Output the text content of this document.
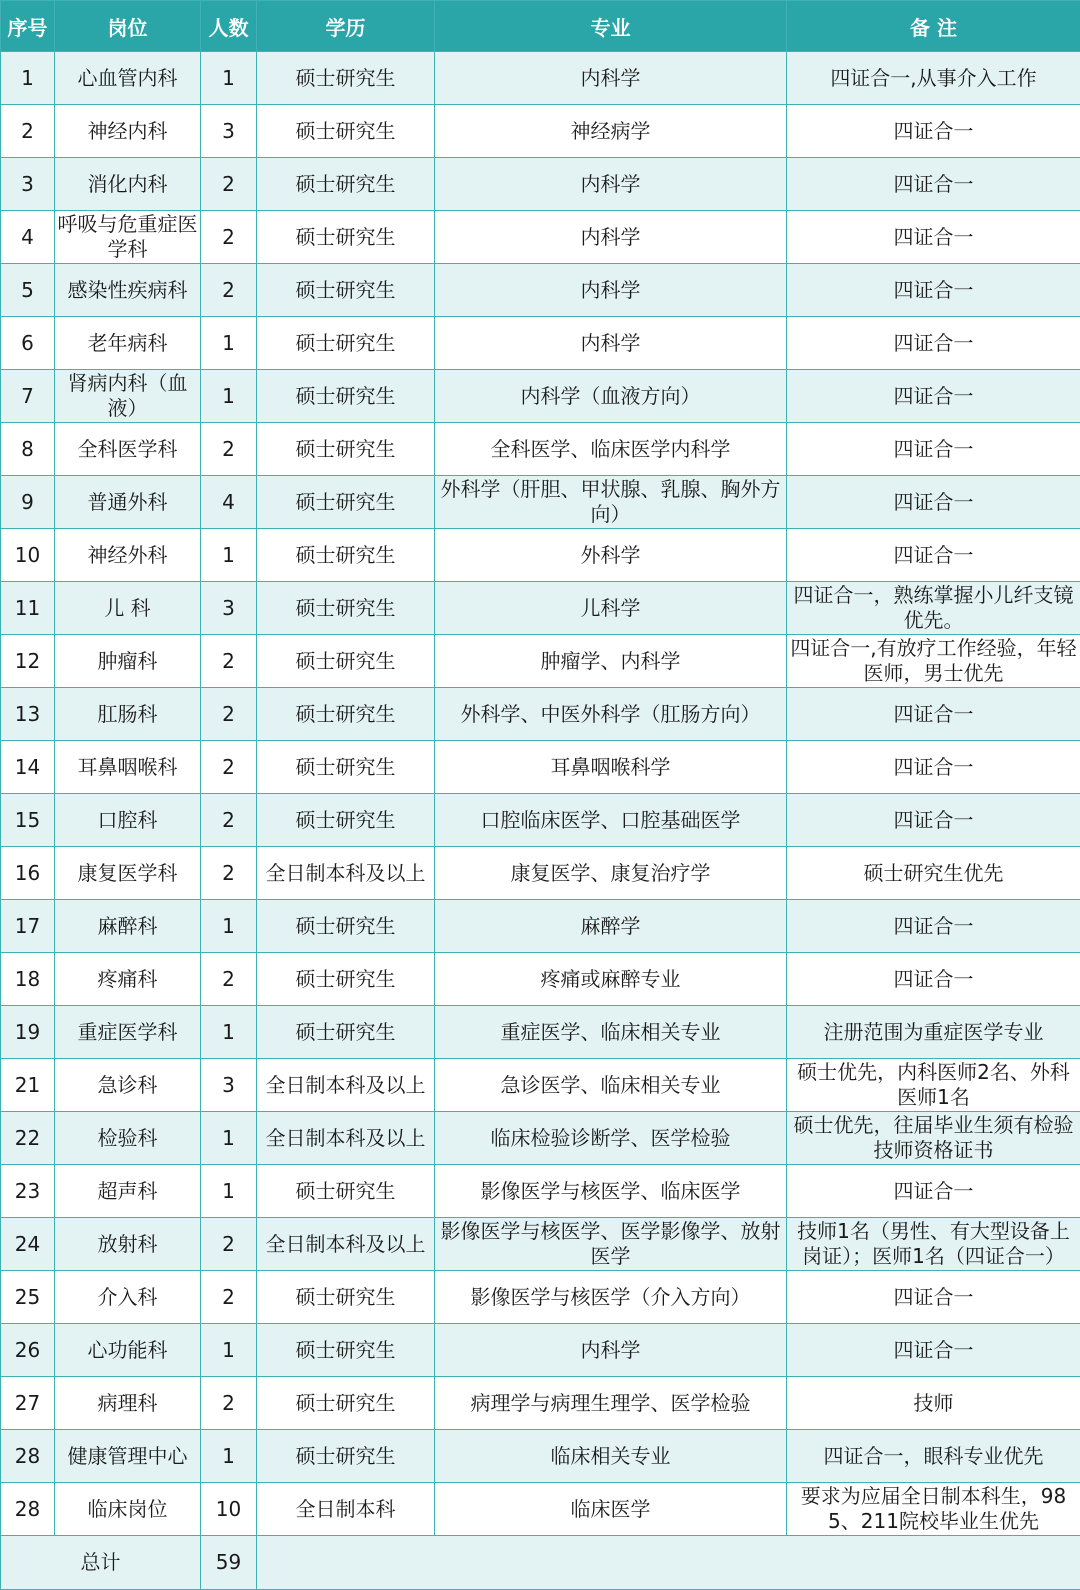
序号	岗位	人数	学历	专业	备 注
1	心血管内科	1	硕士研究生	内科学	四证合一,从事介入工作
2	神经内科	3	硕士研究生	神经病学	四证合一
3	消化内科	2	硕士研究生	内科学	四证合一
4	呼吸与危重症医学科	2	硕士研究生	内科学	四证合一
5	感染性疾病科	2	硕士研究生	内科学	四证合一
6	老年病科	1	硕士研究生	内科学	四证合一
7	肾病内科（血液）	1	硕士研究生	内科学（血液方向）	四证合一
8	全科医学科	2	硕士研究生	全科医学、临床医学内科学	四证合一
9	普通外科	4	硕士研究生	外科学（肝胆、甲状腺、乳腺、胸外方向）	四证合一
10	神经外科	1	硕士研究生	外科学	四证合一
11	儿 科	3	硕士研究生	儿科学	四证合一，熟练掌握小儿纤支镜优先。
12	肿瘤科	2	硕士研究生	肿瘤学、内科学	四证合一,有放疗工作经验，年轻医师，男士优先
13	肛肠科	2	硕士研究生	外科学、中医外科学（肛肠方向）	四证合一
14	耳鼻咽喉科	2	硕士研究生	耳鼻咽喉科学	四证合一
15	口腔科	2	硕士研究生	口腔临床医学、口腔基础医学	四证合一
16	康复医学科	2	全日制本科及以上	康复医学、康复治疗学	硕士研究生优先
17	麻醉科	1	硕士研究生	麻醉学	四证合一
18	疼痛科	2	硕士研究生	疼痛或麻醉专业	四证合一
19	重症医学科	1	硕士研究生	重症医学、临床相关专业	注册范围为重症医学专业
21	急诊科	3	全日制本科及以上	急诊医学、临床相关专业	硕士优先，内科医师2名、外科医师1名
22	检验科	1	全日制本科及以上	临床检验诊断学、医学检验	硕士优先，往届毕业生须有检验技师资格证书
23	超声科	1	硕士研究生	影像医学与核医学、临床医学	四证合一
24	放射科	2	全日制本科及以上	影像医学与核医学、医学影像学、放射医学	技师1名（男性、有大型设备上岗证）；医师1名（四证合一）
25	介入科	2	硕士研究生	影像医学与核医学（介入方向）	四证合一
26	心功能科	1	硕士研究生	内科学	四证合一
27	病理科	2	硕士研究生	病理学与病理生理学、医学检验	技师
28	健康管理中心	1	硕士研究生	临床相关专业	四证合一，眼科专业优先
28	临床岗位	10	全日制本科	临床医学	要求为应届全日制本科生，985、211院校毕业生优先
总计		59			
